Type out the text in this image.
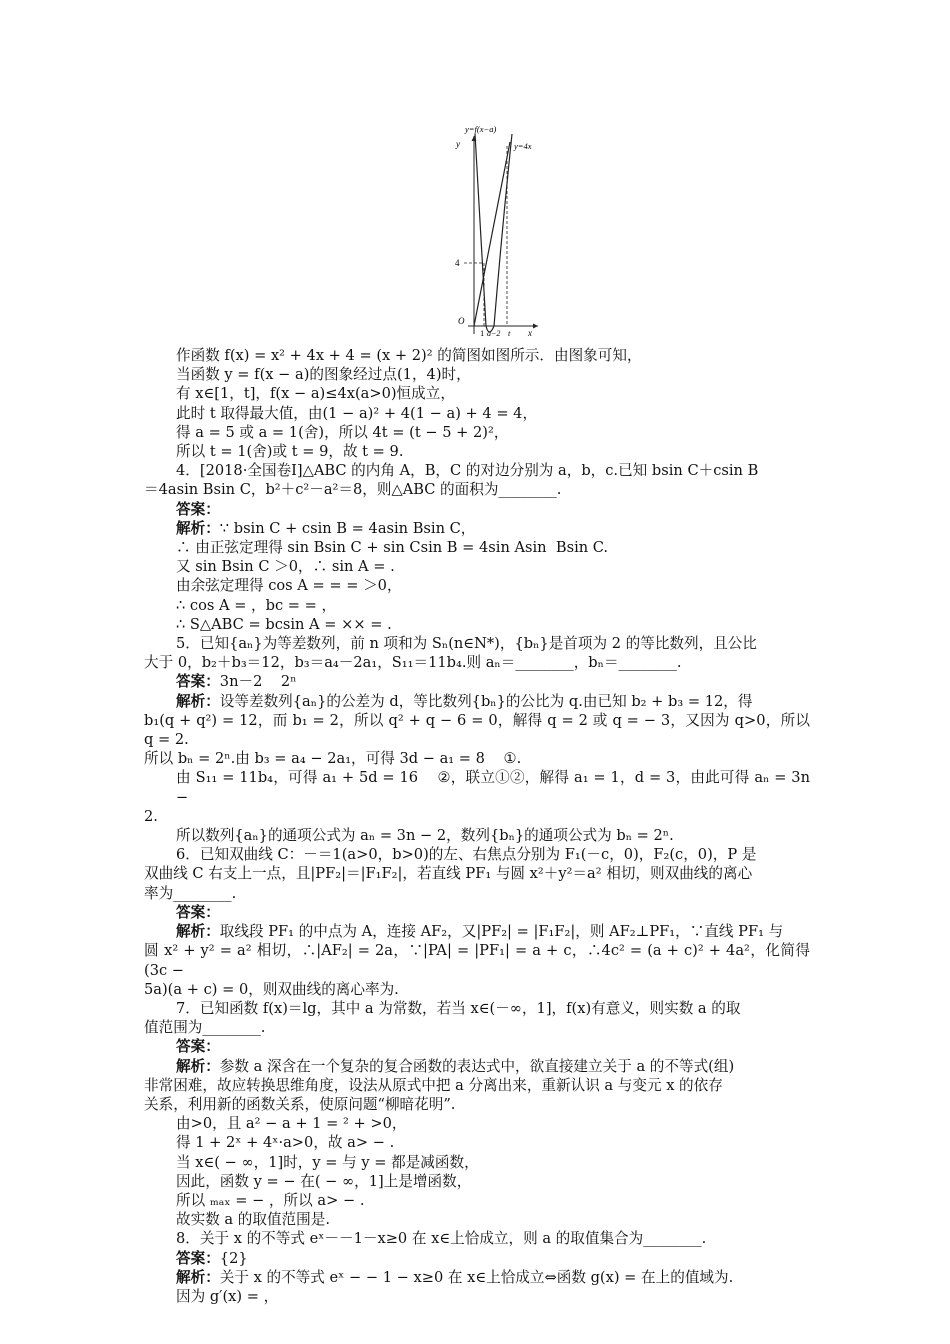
y=f(x−a)
y=4x
y
x
O
4
1 a−2 t

作函数 f(x) = x² + 4x + 4 = (x + 2)² 的简图如图所示．由图象可知，

当函数 y = f(x − a)的图象经过点(1，4)时，

有 x∈[1，t]，f(x − a)≤4x(a>0)恒成立，

此时 t 取得最大值，由(1 − a)² + 4(1 − a) + 4 = 4，

得 a = 5 或 a = 1(舍)，所以 4t = (t − 5 + 2)²，

所以 t = 1(舍)或 t = 9，故 t = 9.

4．[2018·全国卷Ⅰ]△ABC 的内角 A，B，C 的对边分别为 a，b，c.已知 bsin C＋csin B

＝4asin Bsin C，b²＋c²－a²＝8，则△ABC 的面积为________.

答案：

解析：∵ bsin C + csin B = 4asin Bsin C，

∴ 由正弦定理得 sin Bsin C + sin Csin B = 4sin Asin  Bsin C.

又 sin Bsin C ＞0，∴ sin A = .

由余弦定理得 cos A = = = ＞0，

∴ cos A = ，bc = = ，

∴ S△ABC = bcsin A = ×× = .

5．已知{aₙ}为等差数列，前 n 项和为 Sₙ(n∈N*)，{bₙ}是首项为 2 的等比数列，且公比

大于 0，b₂＋b₃＝12，b₃＝a₄－2a₁，S₁₁＝11b₄.则 aₙ＝________，bₙ＝________.

答案：3n－2    2ⁿ

解析：设等差数列{aₙ}的公差为 d，等比数列{bₙ}的公比为 q.由已知 b₂ + b₃ = 12，得

b₁(q + q²) = 12，而 b₁ = 2，所以 q² + q − 6 = 0，解得 q = 2 或 q = − 3，又因为 q>0，所以 q = 2.

所以 bₙ = 2ⁿ.由 b₃ = a₄ − 2a₁，可得 3d − a₁ = 8    ①.

由 S₁₁ = 11b₄，可得 a₁ + 5d = 16    ②，联立①②，解得 a₁ = 1，d = 3，由此可得 aₙ = 3n −

2.

所以数列{aₙ}的通项公式为 aₙ = 3n − 2，数列{bₙ}的通项公式为 bₙ = 2ⁿ.

6．已知双曲线 C：－＝1(a>0，b>0)的左、右焦点分别为 F₁(－c，0)，F₂(c，0)，P 是

双曲线 C 右支上一点，且|PF₂|＝|F₁F₂|，若直线 PF₁ 与圆 x²＋y²＝a² 相切，则双曲线的离心

率为________.

答案：

解析：取线段 PF₁ 的中点为 A，连接 AF₂，又|PF₂| = |F₁F₂|，则 AF₂⊥PF₁，∵直线 PF₁ 与

圆 x² + y² = a² 相切，∴|AF₂| = 2a，∵|PA| = |PF₁| = a + c，∴4c² = (a + c)² + 4a²，化简得(3c −

5a)(a + c) = 0，则双曲线的离心率为.

7．已知函数 f(x)＝lg，其中 a 为常数，若当 x∈(－∞，1]，f(x)有意义，则实数 a 的取

值范围为________.

答案：

解析：参数 a 深含在一个复杂的复合函数的表达式中，欲直接建立关于 a 的不等式(组)

非常困难，故应转换思维角度，设法从原式中把 a 分离出来，重新认识 a 与变元 x 的依存

关系，利用新的函数关系，使原问题“柳暗花明”.

由>0，且 a² − a + 1 = ² + >0，

得 1 + 2ˣ + 4ˣ·a>0，故 a> − .

当 x∈( − ∞，1]时，y = 与 y = 都是减函数，

因此，函数 y = − 在( − ∞，1]上是增函数，

所以 ₘₐₓ = − ，所以 a> − .

故实数 a 的取值范围是.

8．关于 x 的不等式 eˣ－－1－x≥0 在 x∈上恰成立，则 a 的取值集合为________.

答案：{2}

解析：关于 x 的不等式 eˣ − − 1 − x≥0 在 x∈上恰成立⇔函数 g(x) = 在上的值域为.

因为 g′(x) = ，
